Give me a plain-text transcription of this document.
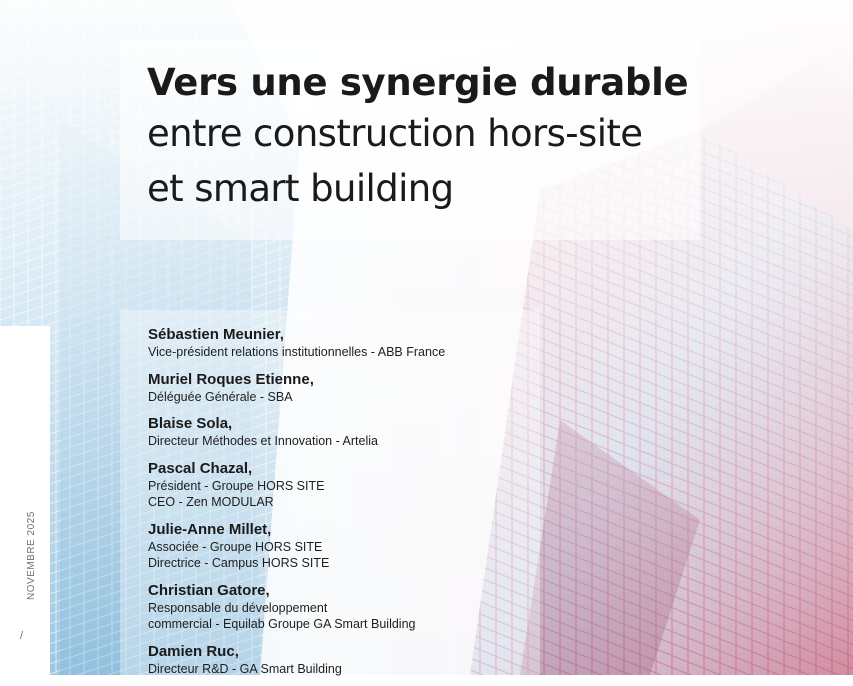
NOVEMBRE 2025
/
Vers une synergie durable
entre construction hors-site
et smart building
Sébastien Meunier,
Vice-président relations institutionnelles - ABB France
Muriel Roques Etienne,
Déléguée Générale - SBA
Blaise Sola,
Directeur Méthodes et Innovation - Artelia
Pascal Chazal,
Président - Groupe HORS SITE
CEO - Zen MODULAR
Julie-Anne Millet,
Associée - Groupe HORS SITE
Directrice - Campus HORS SITE
Christian Gatore,
Responsable du développement
commercial - Equilab Groupe GA Smart Building
Damien Ruc,
Directeur R&D - GA Smart Building
